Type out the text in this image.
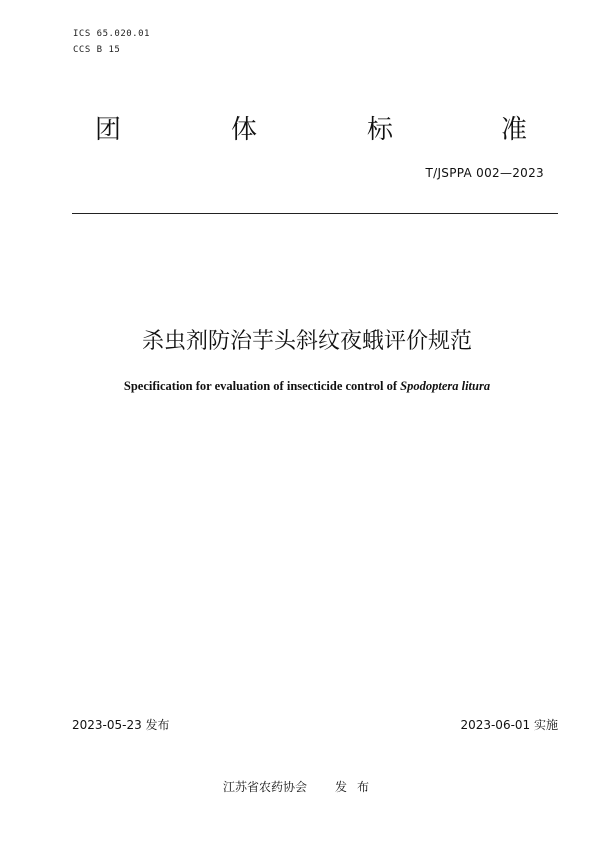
ICS 65.020.01
CCS B 15
团	体	标	准
T/JSPPA 002—2023
杀虫剂防治芋头斜纹夜蛾评价规范
Specification for evaluation of insecticide control of Spodoptera litura
2023-05-23 发布	2023-06-01 实施
江苏省农药协会 发布
